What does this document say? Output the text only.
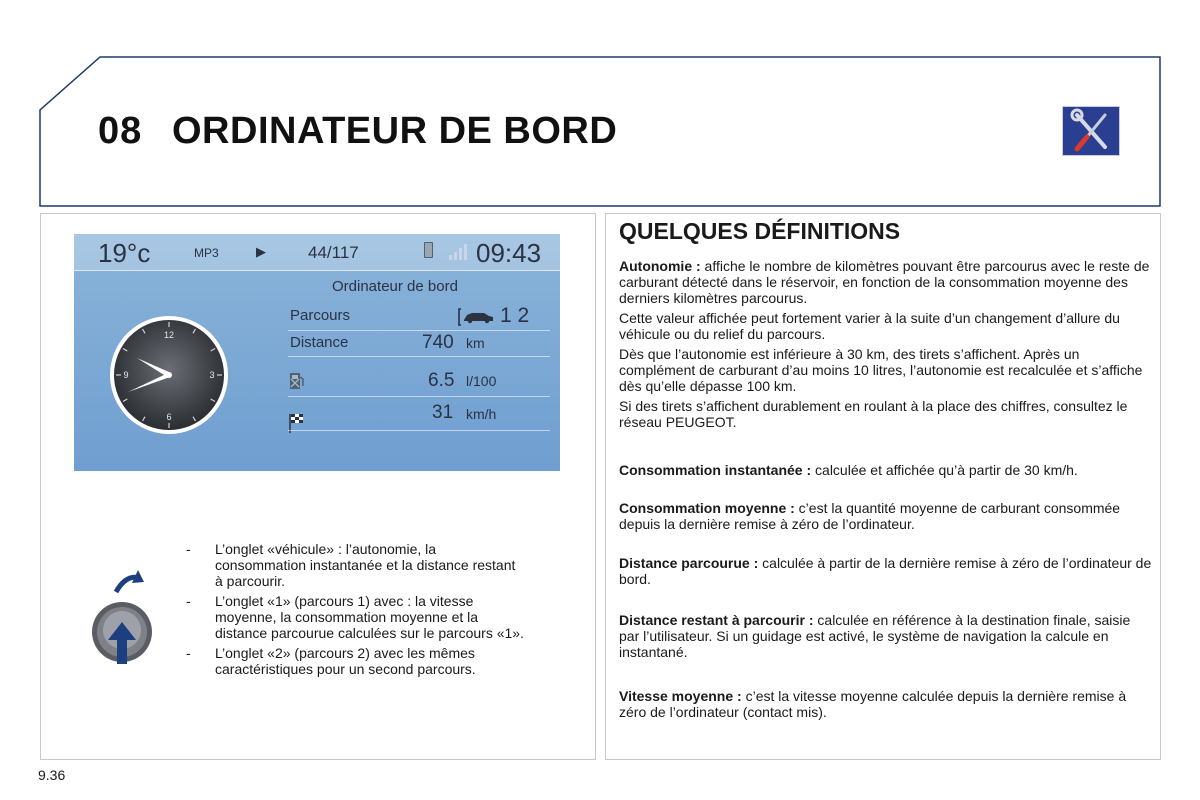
08 ORDINATEUR DE BORD
19°c	MP3	▶ 44/117	09:43
Ordinateur de bord
Parcours	1 2
Distance	740 km
6.5 l/100
31 km/h
12
3
6
9
-	L’onglet «véhicule» : l’autonomie, la consommation instantanée et la distance restant à parcourir.
-	L’onglet «1» (parcours 1) avec : la vitesse moyenne, la consommation moyenne et la distance parcourue calculées sur le parcours «1».
-	L’onglet «2» (parcours 2) avec les mêmes caractéristiques pour un second parcours.
QUELQUES DÉFINITIONS

Autonomie : affiche le nombre de kilomètres pouvant être parcourus avec le reste de carburant détecté dans le réservoir, en fonction de la consommation moyenne des derniers kilomètres parcourus.

Cette valeur affichée peut fortement varier à la suite d’un changement d’allure du véhicule ou du relief du parcours.

Dès que l’autonomie est inférieure à 30 km, des tirets s’affichent. Après un complément de carburant d’au moins 10 litres, l’autonomie est recalculée et s’affiche dès qu’elle dépasse 100 km.

Si des tirets s’affichent durablement en roulant à la place des chiffres, consultez le réseau PEUGEOT.

Consommation instantanée : calculée et affichée qu’à partir de 30 km/h.

Consommation moyenne : c’est la quantité moyenne de carburant consommée depuis la dernière remise à zéro de l’ordinateur.

Distance parcourue : calculée à partir de la dernière remise à zéro de l’ordinateur de bord.

Distance restant à parcourir : calculée en référence à la destination finale, saisie par l’utilisateur. Si un guidage est activé, le système de navigation la calcule en instantané.

Vitesse moyenne : c’est la vitesse moyenne calculée depuis la dernière remise à zéro de l’ordinateur (contact mis).

9.36
